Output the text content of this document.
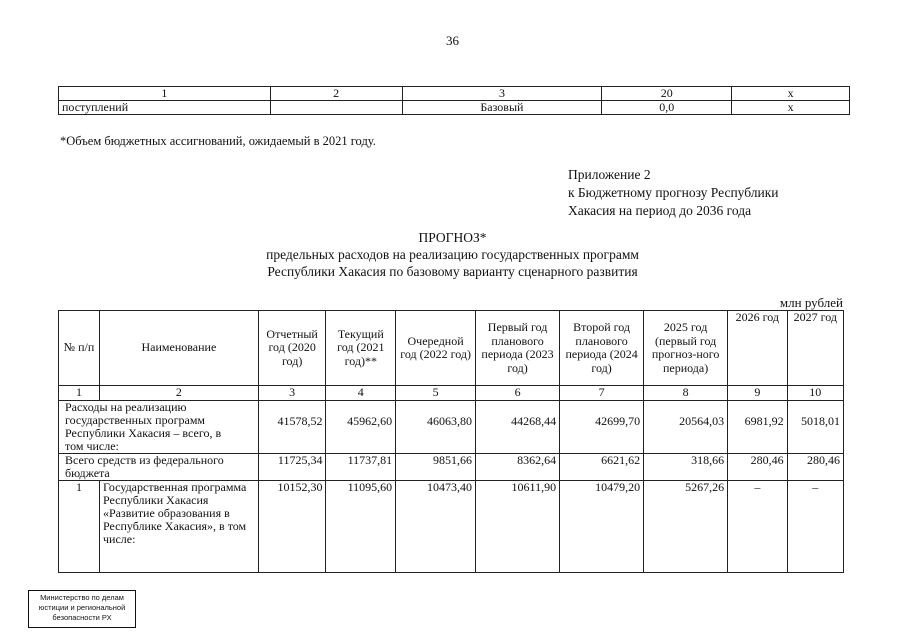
36
1	2	3	20	x
поступлений		Базовый	0,0	x
*Объем бюджетных ассигнований, ожидаемый в 2021 году.
Приложение 2
к Бюджетному прогнозу Республики
Хакасия на период до 2036 года
ПРОГНОЗ*
предельных расходов на реализацию государственных программ
Республики Хакасия по базовому варианту сценарного развития
млн рублей
№ п/п	Наименование	Отчетный год (2020 год)	Текущий год (2021 год)**	Очередной год (2022 год)	Первый год планового периода (2023 год)	Второй год планового периода (2024 год)	2025 год (первый год прогноз-ного периода)	2026 год	2027 год
1	2	3	4	5	6	7	8	9	10
Расходы на реализацию государственных программ Республики Хакасия – всего, в том числе:		41578,52	45962,60	46063,80	44268,44	42699,70	20564,03	6981,92	5018,01
Всего средств из федерального бюджета		11725,34	11737,81	9851,66	8362,64	6621,62	318,66	280,46	280,46
1	Государственная программа Республики Хакасия «Развитие образования в Республике Хакасия», в том числе:	10152,30	11095,60	10473,40	10611,90	10479,20	5267,26	–	–
Министерство по делам
юстиции и региональной
безопасности РХ
